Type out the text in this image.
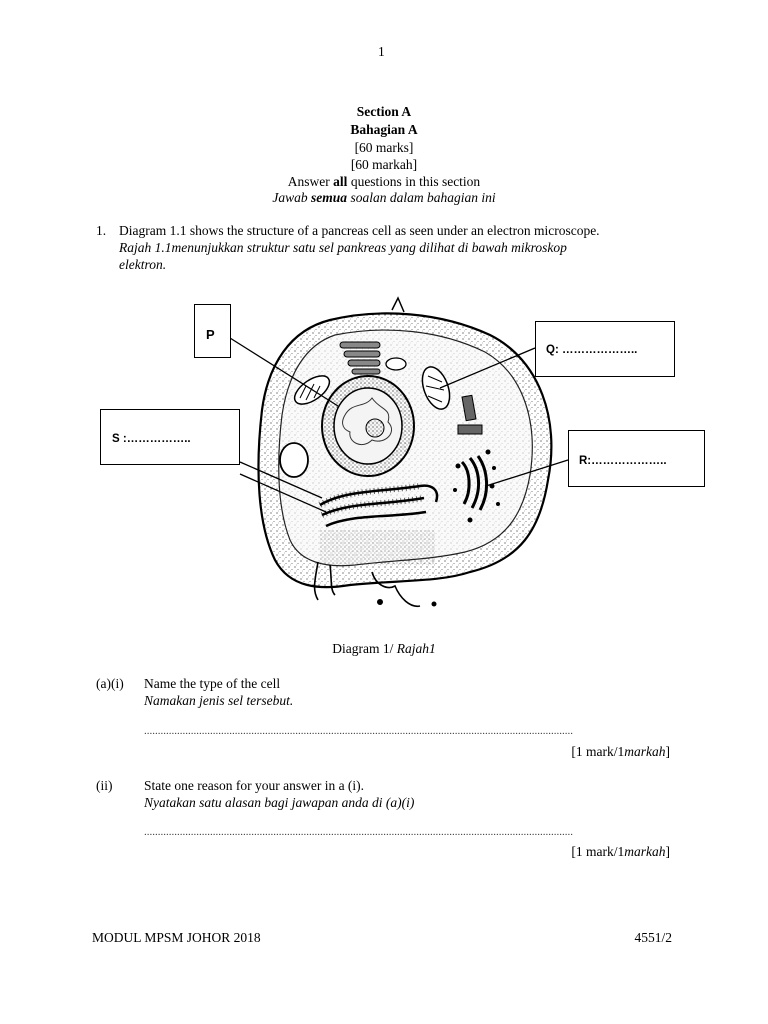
1
Section A
Bahagian A
[60 marks]
[60 markah]
Answer all questions in this section
Jawab semua soalan dalam bahagian ini
1. Diagram 1.1 shows the structure of a pancreas cell as seen under an electron microscope.
Rajah 1.1menunjukkan struktur satu sel pankreas yang dilihat di bawah mikroskop
elektron.
P
Q: ………………..
S :……………..
R:………………..
Diagram 1/ Rajah1
(a)(i) Name the type of the cell
Namakan jenis sel tersebut.
............................................................................................................................................................
[1 mark/1markah]
(ii) State one reason for your answer in a (i).
Nyatakan satu alasan bagi jawapan anda di (a)(i)
............................................................................................................................................................
[1 mark/1markah]
MODUL MPSM JOHOR 2018	4551/2
